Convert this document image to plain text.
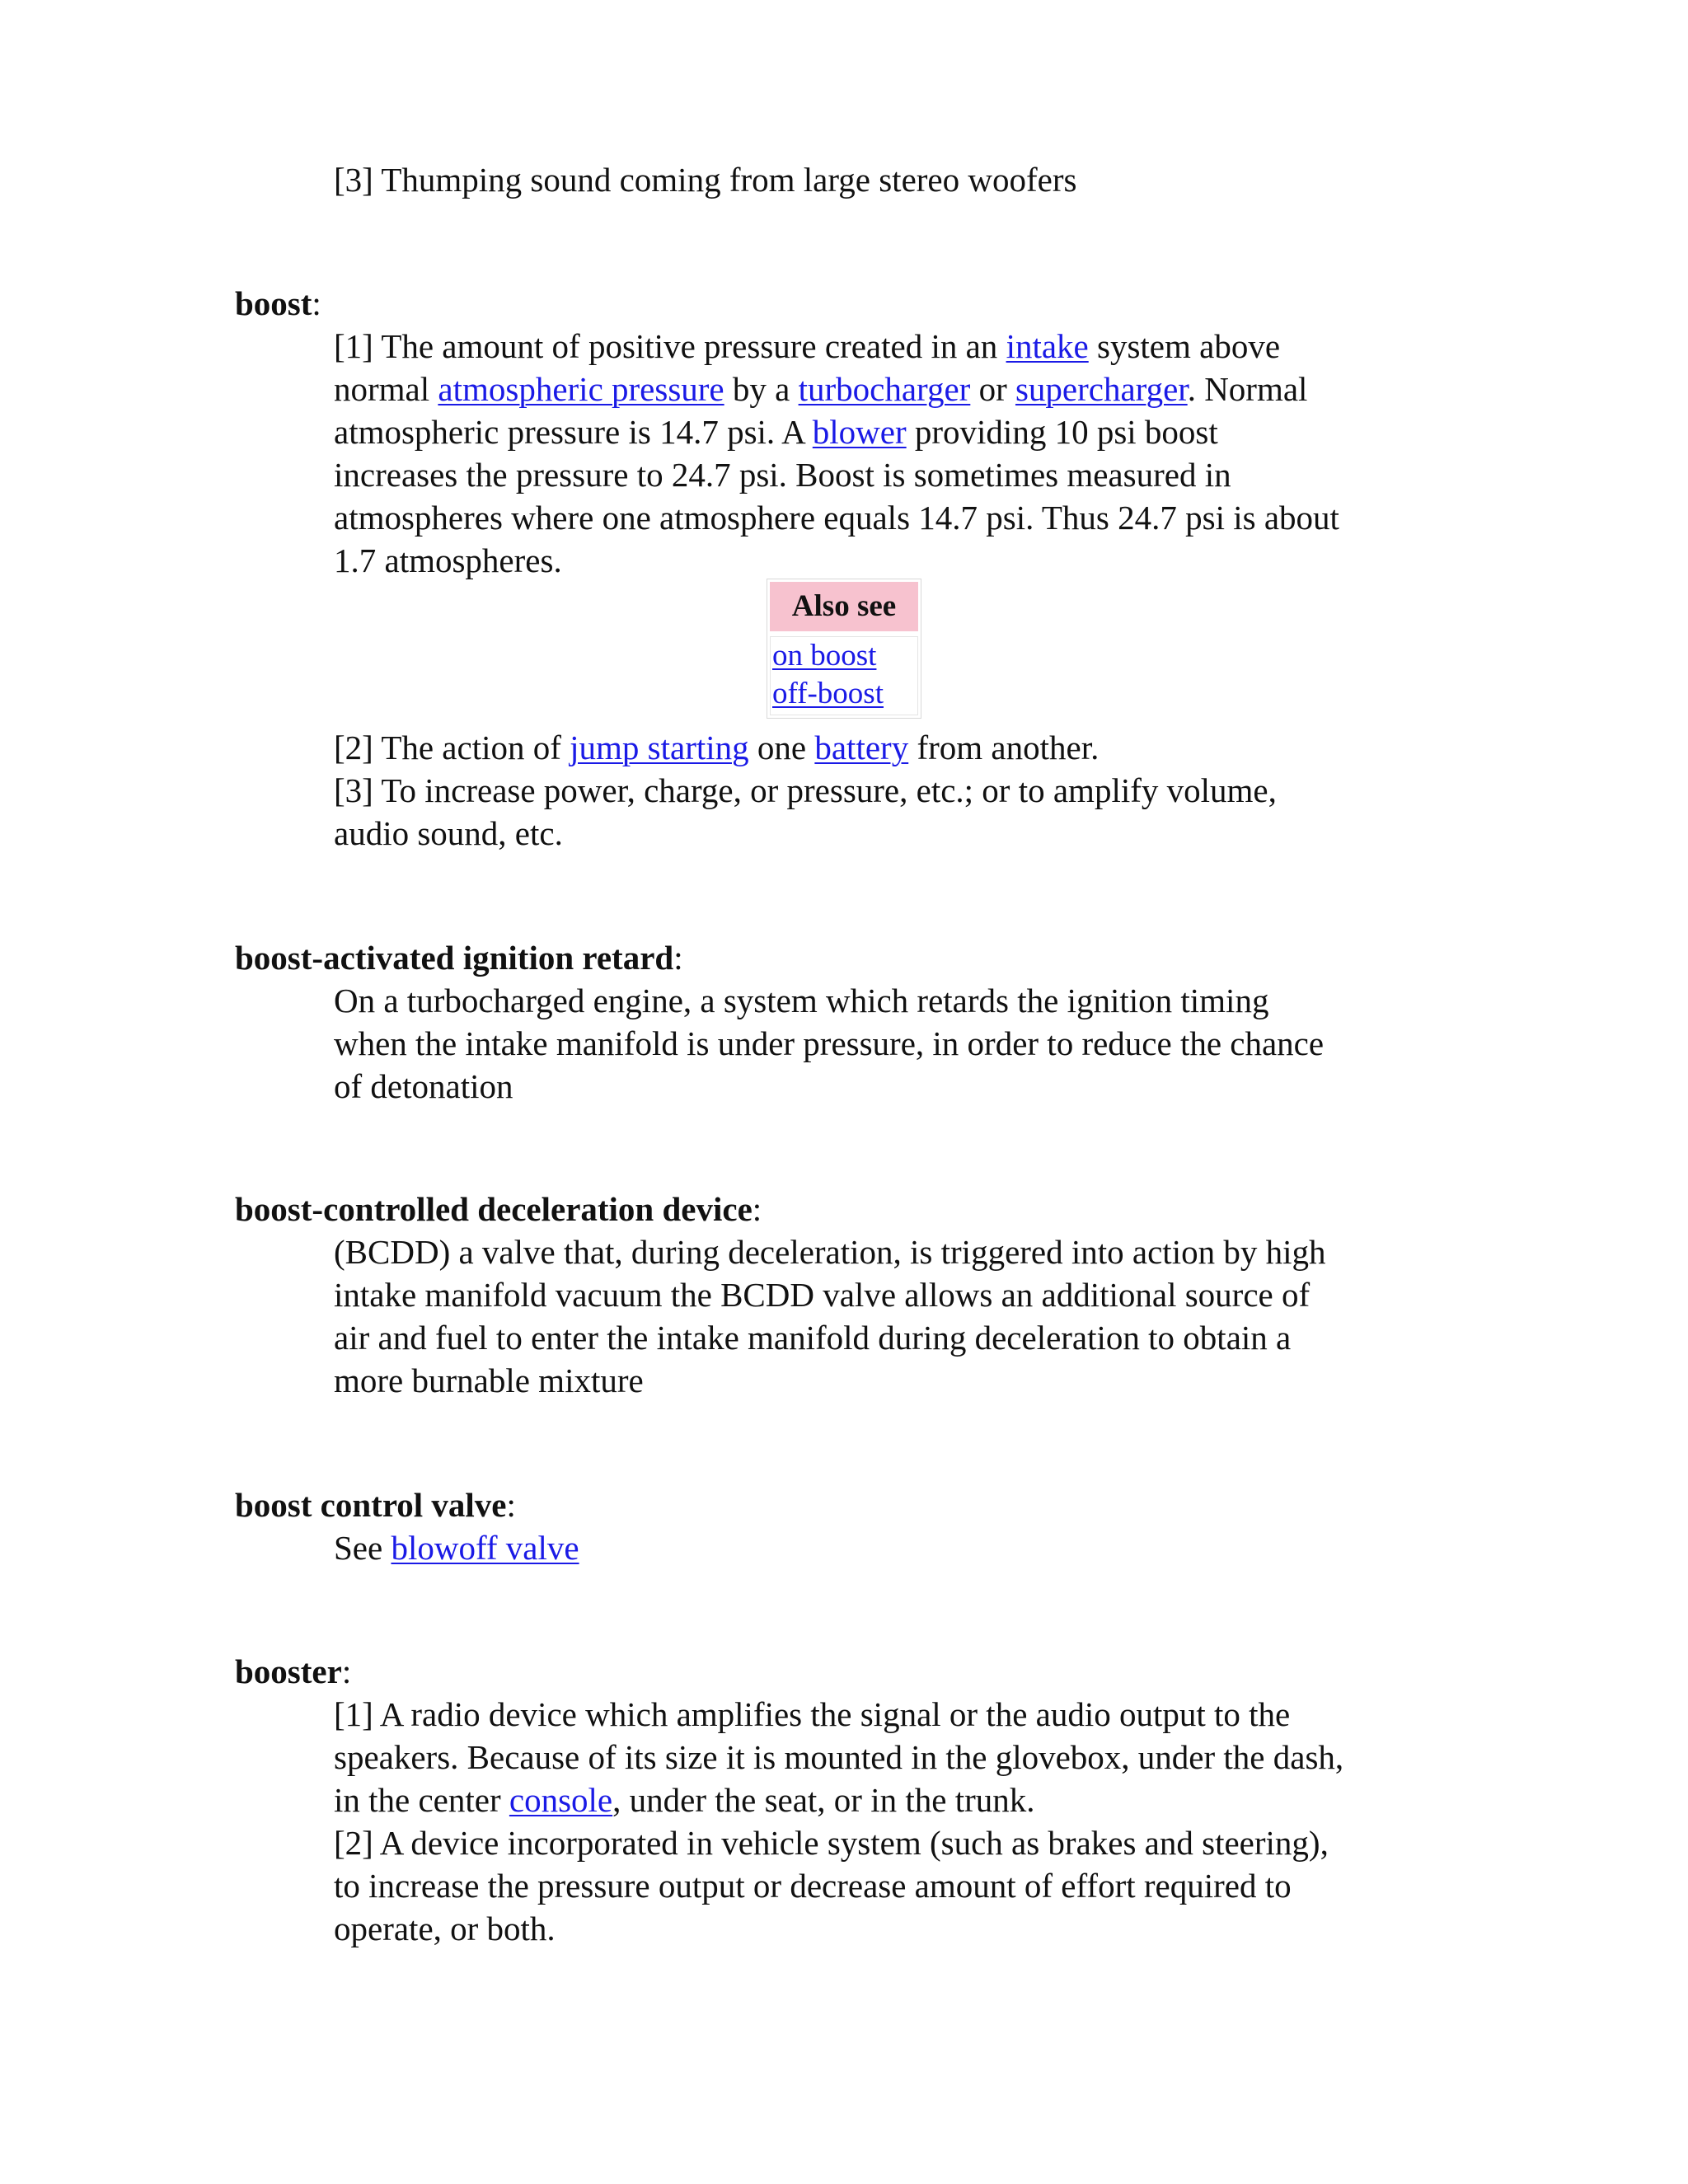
[3] Thumping sound coming from large stereo woofers
boost:
[1] The amount of positive pressure created in an intake system above
normal atmospheric pressure by a turbocharger or supercharger. Normal
atmospheric pressure is 14.7 psi. A blower providing 10 psi boost
increases the pressure to 24.7 psi. Boost is sometimes measured in
atmospheres where one atmosphere equals 14.7 psi. Thus 24.7 psi is about
1.7 atmospheres.
Also see
on boost
off-boost
[2] The action of jump starting one battery from another.
[3] To increase power, charge, or pressure, etc.; or to amplify volume,
audio sound, etc.
boost-activated ignition retard:
On a turbocharged engine, a system which retards the ignition timing
when the intake manifold is under pressure, in order to reduce the chance
of detonation
boost-controlled deceleration device:
(BCDD) a valve that, during deceleration, is triggered into action by high
intake manifold vacuum the BCDD valve allows an additional source of
air and fuel to enter the intake manifold during deceleration to obtain a
more burnable mixture
boost control valve:
See blowoff valve
booster:
[1] A radio device which amplifies the signal or the audio output to the
speakers. Because of its size it is mounted in the glovebox, under the dash,
in the center console, under the seat, or in the trunk.
[2] A device incorporated in vehicle system (such as brakes and steering),
to increase the pressure output or decrease amount of effort required to
operate, or both.
